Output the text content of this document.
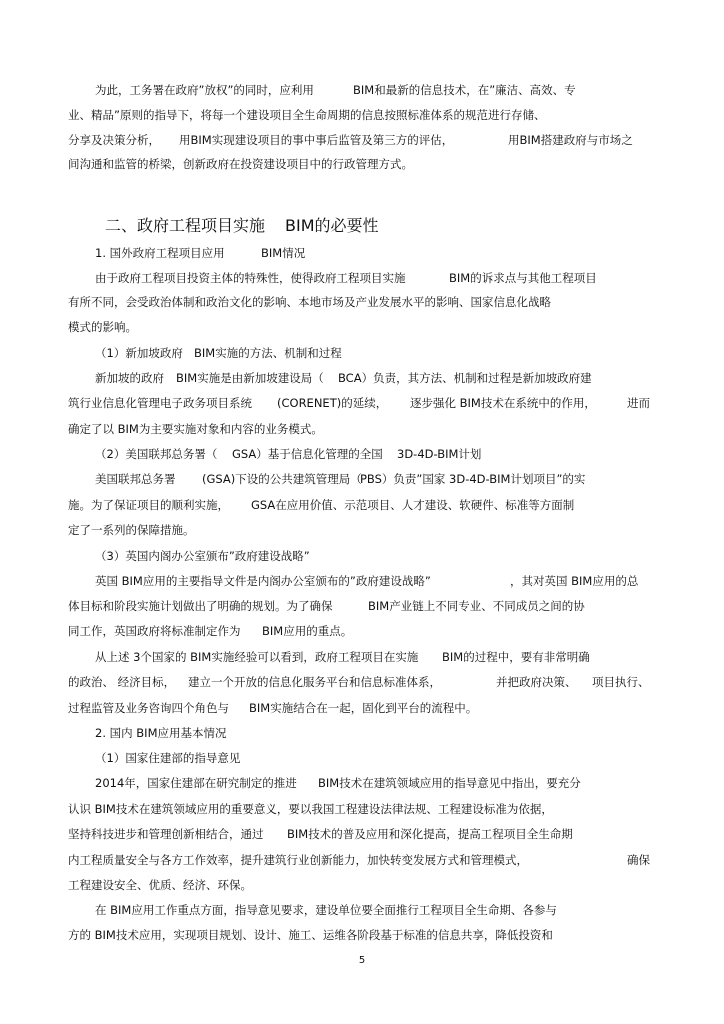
为此，工务署在政府”放权”的同时，应利用	BIM和最新的信息技术，在”廉洁、高效、专
业、精品”原则的指导下，将每一个建设项目全生命周期的信息按照标准体系的规范进行存储、
分享及决策分析， 用BIM实现建设项目的事中事后监管及第三方的评估，	用BIM搭建政府与市场之
间沟通和监管的桥梁，创新政府在投资建设项目中的行政管理方式。
二、政府工程项目实施 BIM的必要性
1. 国外政府工程项目应用	BIM情况
由于政府工程项目投资主体的特殊性，使得政府工程项目实施	BIM的诉求点与其他工程项目
有所不同，会受政治体制和政治文化的影响、本地市场及产业发展水平的影响、国家信息化战略
模式的影响。
（1）新加坡政府 BIM实施的方法、机制和过程
新加坡的政府 BIM实施是由新加坡建设局（ BCA）负责，其方法、机制和过程是新加坡政府建
筑行业信息化管理电子政务项目系统 (CORENET)的延续， 逐步强化 BIM技术在系统中的作用，	进而
确定了以 BIM为主要实施对象和内容的业务模式。
（2）美国联邦总务署（ GSA）基于信息化管理的全国 3D-4D-BIM计划
美国联邦总务署 (GSA)下设的公共建筑管理局（
PBS）负责”国家 3D-4D-BIM计划项目”的实
施。为了保证项目的顺利实施， GSA在应用价值、示范项目、人才建设、软硬件、标准等方面制
定了一系列的保障措施。
（3）英国内阁办公室颁布”政府建设战略”
英国 BIM应用的主要指导文件是内阁办公室颁布的”政府建设战略”	，其对英国 BIM应用的总
体目标和阶段实施计划做出了明确的规划。为了确保	BIM产业链上不同专业、不同成员之间的协
同工作，英国政府将标准制定作为 BIM应用的重点。
从上述 3个国家的 BIM实施经验可以看到，政府工程项目在实施 BIM的过程中，要有非常明确
的政治、 经济目标， 建立一个开放的信息化服务平台和信息标准体系，	并把政府决策、 项目执行、
过程监管及业务咨询四个角色与 BIM实施结合在一起，固化到平台的流程中。
2. 国内 BIM应用基本情况
（1）国家住建部的指导意见
2014年，国家住建部在研究制定的推进 BIM技术在建筑领域应用的指导意见中指出，要充分
认识 BIM技术在建筑领域应用的重要意义，要以我国工程建设法律法规、工程建设标准为依据，
坚持科技进步和管理创新相结合，通过 BIM技术的普及应用和深化提高，提高工程项目全生命期
内工程质量安全与各方工作效率，提升建筑行业创新能力，加快转变发展方式和管理模式，	确保
工程建设安全、优质、经济、环保。
在 BIM应用工作重点方面，指导意见要求，建设单位要全面推行工程项目全生命期、各参与
方的 BIM技术应用，实现项目规划、设计、施工、运维各阶段基于标准的信息共享，降低投资和
5
